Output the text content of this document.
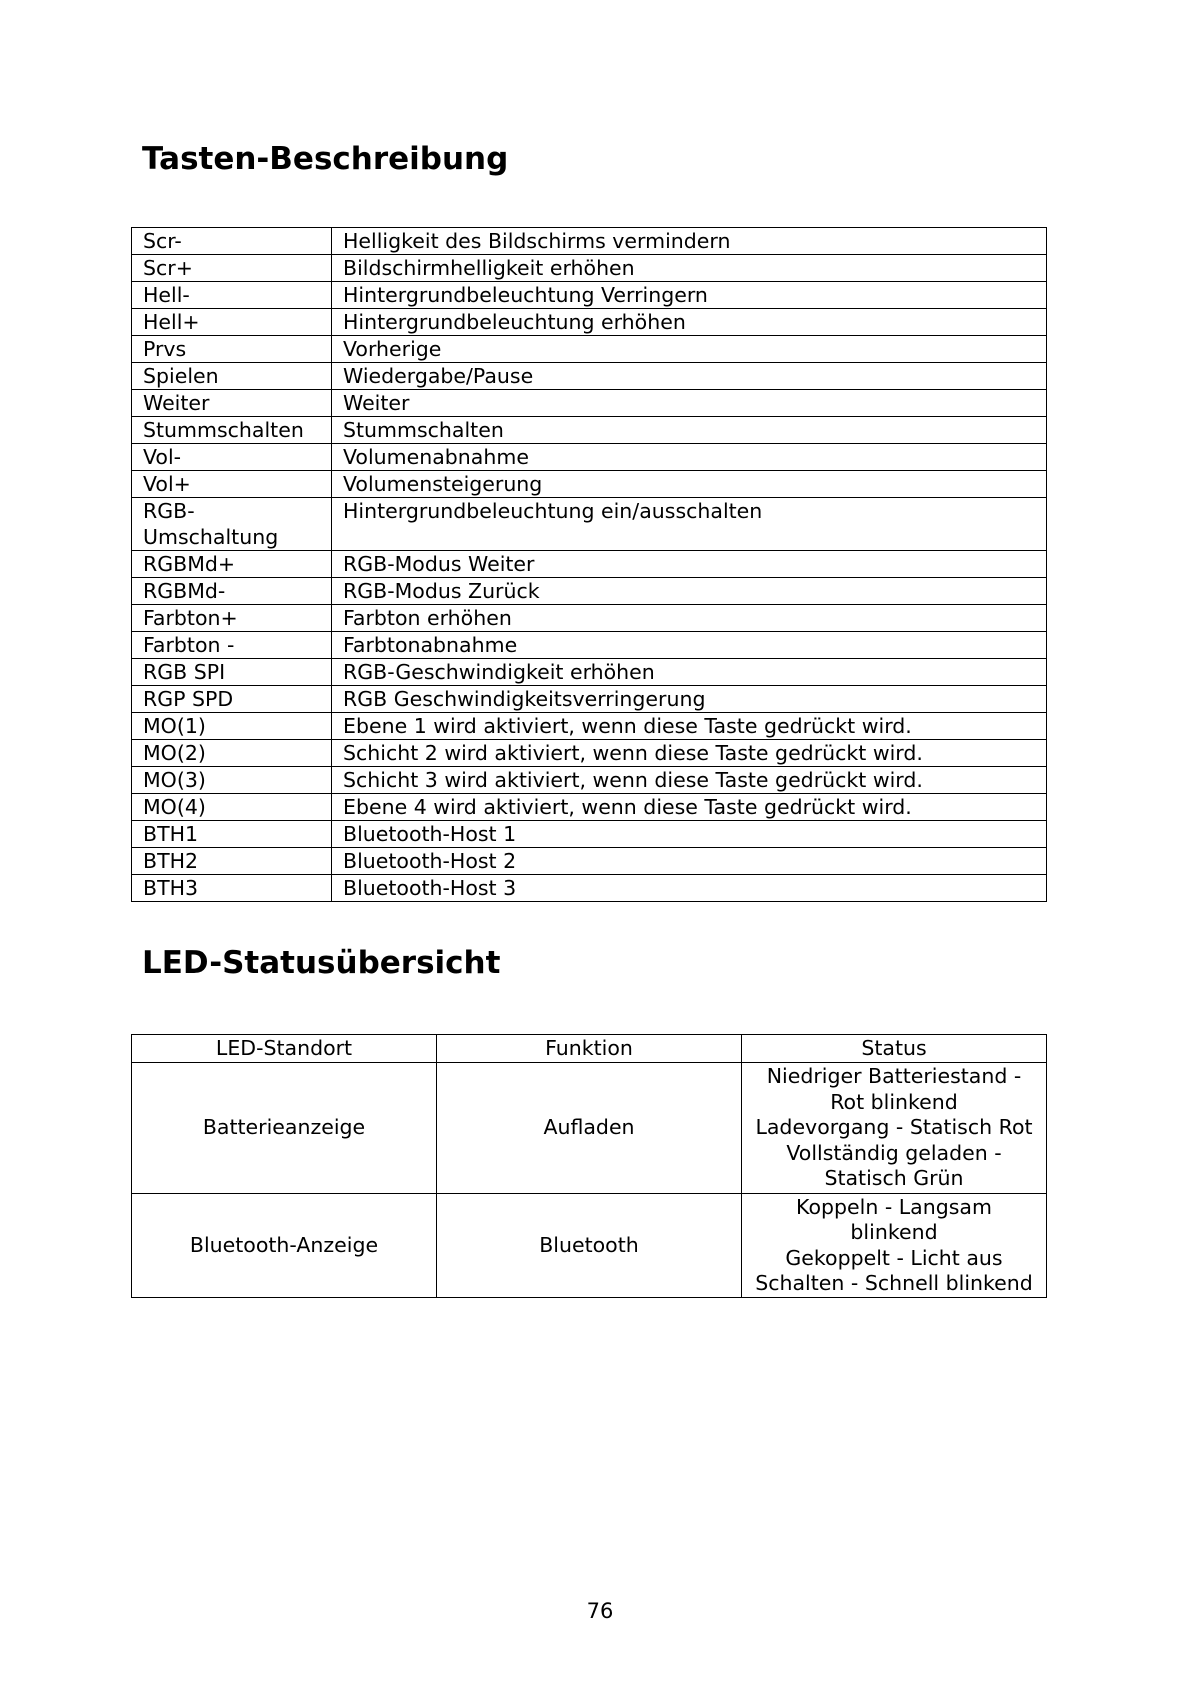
Tasten-Beschreibung
Scr-	Helligkeit des Bildschirms vermindern
Scr+	Bildschirmhelligkeit erhöhen
Hell-	Hintergrundbeleuchtung Verringern
Hell+	Hintergrundbeleuchtung erhöhen
Prvs	Vorherige
Spielen	Wiedergabe/Pause
Weiter	Weiter
Stummschalten	Stummschalten
Vol-	Volumenabnahme
Vol+	Volumensteigerung
RGB-Umschaltung	Hintergrundbeleuchtung ein/ausschalten
RGBMd+	RGB-Modus Weiter
RGBMd-	RGB-Modus Zurück
Farbton+	Farbton erhöhen
Farbton -	Farbtonabnahme
RGB SPI	RGB-Geschwindigkeit erhöhen
RGP SPD	RGB Geschwindigkeitsverringerung
MO(1)	Ebene 1 wird aktiviert, wenn diese Taste gedrückt wird.
MO(2)	Schicht 2 wird aktiviert, wenn diese Taste gedrückt wird.
MO(3)	Schicht 3 wird aktiviert, wenn diese Taste gedrückt wird.
MO(4)	Ebene 4 wird aktiviert, wenn diese Taste gedrückt wird.
BTH1	Bluetooth-Host 1
BTH2	Bluetooth-Host 2
BTH3	Bluetooth-Host 3
LED-Statusübersicht
LED-Standort	Funktion	Status
Batterieanzeige	Aufladen	Niedriger Batteriestand - Rot blinkend
Ladevorgang - Statisch Rot
Vollständig geladen - Statisch Grün

Bluetooth-Anzeige	Bluetooth	Koppeln - Langsam blinkend
Gekoppelt - Licht aus
Schalten - Schnell blinkend
76
